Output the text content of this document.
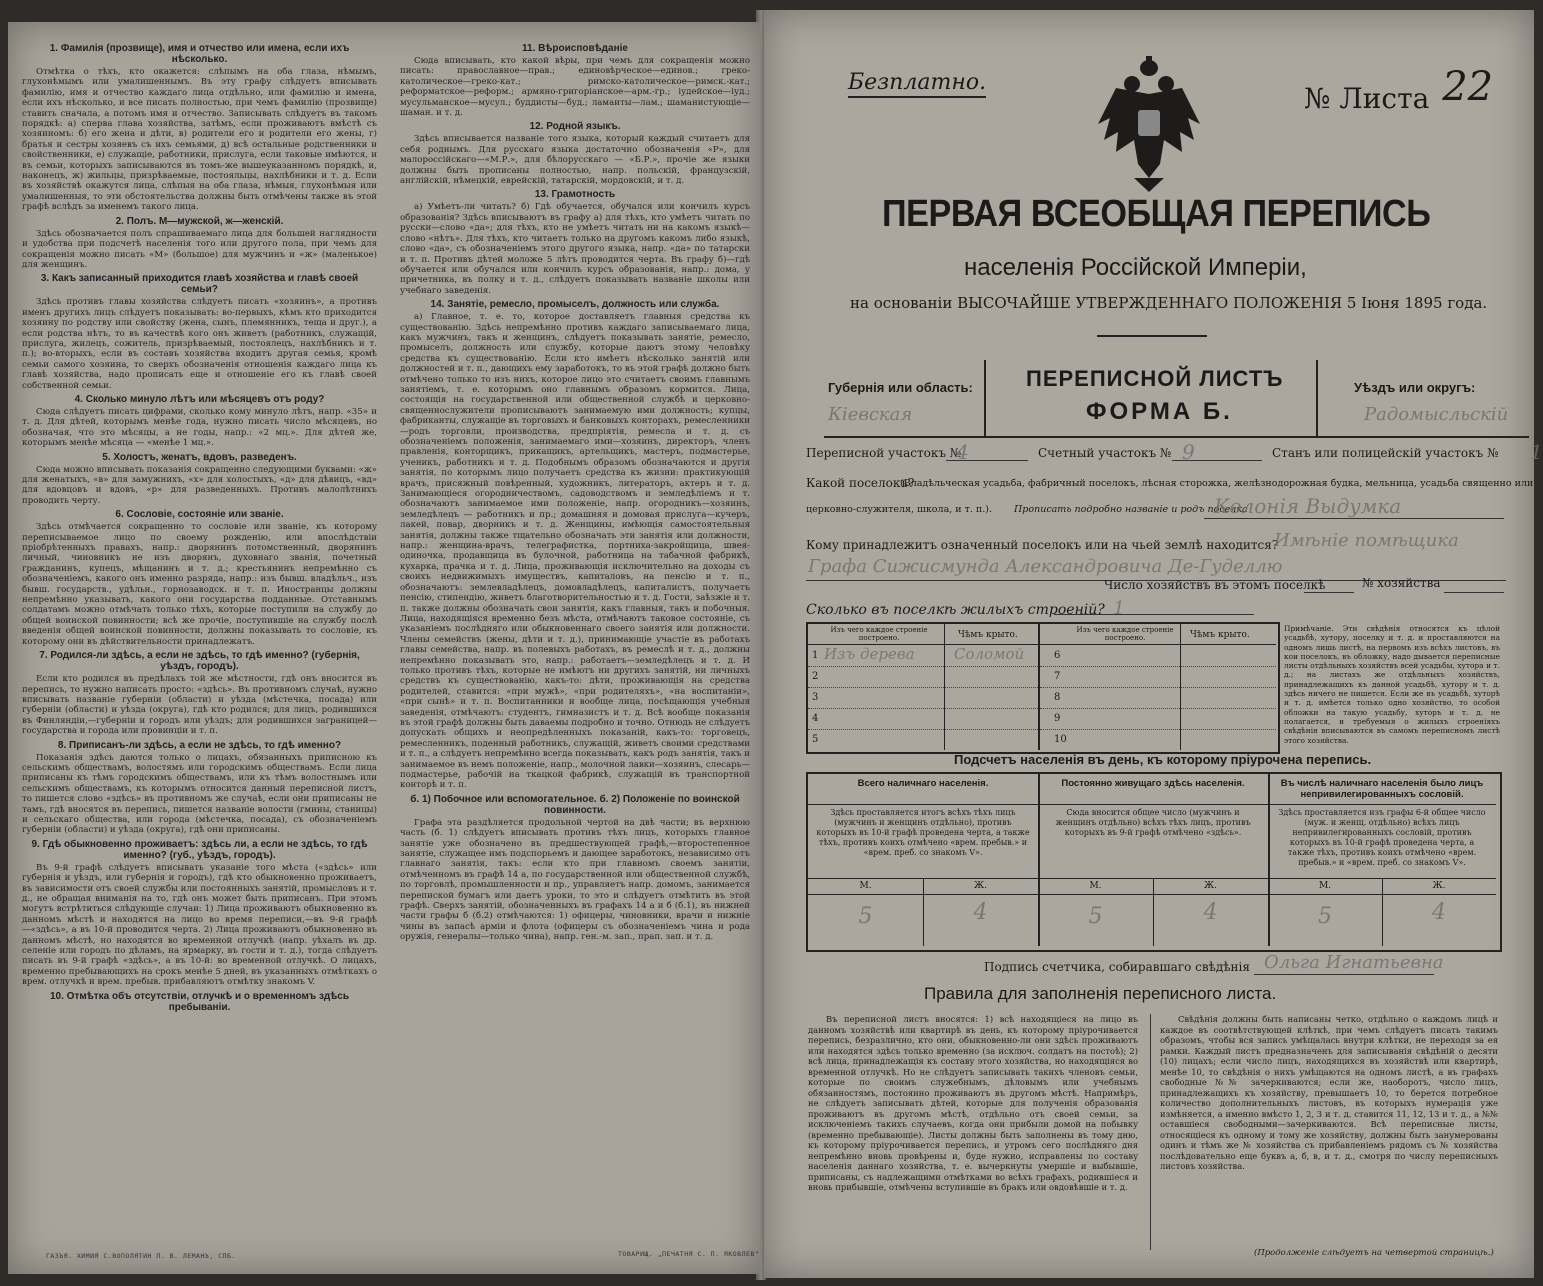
1. Фамилія (прозвище), имя и отчество или имена, если ихъ нѣсколько.

Отмѣтка о тѣхъ, кто окажется: слѣпымъ на оба глаза, нѣмымъ, глухонѣмымъ или умалишеннымъ. Въ эту графу слѣдуетъ вписывать фамилію, имя и отчество каждаго лица отдѣльно, или фамилію и имена, если ихъ нѣсколько, и все писать полностью, при чемъ фамилію (прозвище) ставить сначала, а потомъ имя и отчество. Записывать слѣдуетъ въ такомъ порядкѣ: а) сперва глава хозяйства, затѣмъ, если проживаютъ вмѣстѣ съ хозяиномъ: б) его жена и дѣти, в) родители его и родители его жены, г) братья и сестры хозяевъ съ ихъ семьями, д) всѣ остальные родственники и свойственники, е) служащіе, работники, прислуга, если таковые имѣются, и въ семьи, которыхъ записываются въ томъ-же вышеуказанномъ порядкѣ, и, наконецъ, ж) жильцы, призрѣваемые, постояльцы, нахлѣбники и т. д. Если въ хозяйствѣ окажутся лица, слѣпыя на оба глаза, нѣмыя, глухонѣмыя или умалишенныя, то эти обстоятельства должны быть отмѣчены также въ этой графѣ вслѣдъ за именемъ такого лица.

2. Полъ. М—мужской, ж—женскій.

Здѣсь обозначается полъ спрашиваемаго лица для большей наглядности и удобства при подсчетѣ населенія того или другого пола, при чемъ для сокращенія можно писать «М» (большое) для мужчинъ и «ж» (маленькое) для женщинъ.

3. Какъ записанный приходится главѣ хозяйства и главѣ своей семьи?

Здѣсь противъ главы хозяйства слѣдуетъ писать «хозяинъ», а противъ именъ другихъ лицъ слѣдуетъ показывать: во-первыхъ, кѣмъ кто приходится хозяину по родству или свойству (жена, сынъ, племянникъ, теща и друг.), а если родства нѣтъ, то въ качествѣ кого онъ живетъ (работникъ, служащій, прислуга, жилецъ, сожитель, призрѣваемый, постоялецъ, нахлѣбникъ и т. п.); во-вторыхъ, если въ составъ хозяйства входитъ другая семья, кромѣ семьи самого хозяина, то сверхъ обозначенія отношенія каждаго лица къ главѣ хозяйства, надо прописать еще и отношеніе его къ главѣ своей собственной семьи.

4. Сколько минуло лѣтъ или мѣсяцевъ отъ роду?

Сюда слѣдуетъ писать цифрами, сколько кому минуло лѣтъ, напр. «35» и т. д. Для дѣтей, которымъ менѣе года, нужно писать число мѣсяцевъ, но обозначая, что это мѣсяцы, а не годы, напр.: «2 мц.». Для дѣтей же, которымъ менѣе мѣсяца — «менѣе 1 мц.».

5. Холостъ, женатъ, вдовъ, разведенъ.

Сюда можно вписывать показанія сокращенно следующими буквами: «ж» для женатыхъ, «в» для замужнихъ, «х» для холостыхъ, «д» для дѣвицъ, «вд» для вдовцовъ и вдовъ, «р» для разведенныхъ. Противъ малолѣтнихъ проводить черту.

6. Сословіе, состояніе или званіе.

Здѣсь отмѣчается сокращенно то сословіе или званіе, къ которому переписываемое лицо по своему рожденію, или впослѣдствіи пріобрѣтенныхъ правахъ, напр.: дворянинъ потомственный, дворянинъ личный, чиновникъ не изъ дворянъ, духовнаго званія, почетный гражданинъ, купецъ, мѣщанинъ и т. д.; крестьянинъ непремѣнно съ обозначеніемъ, какого онъ именно разряда, напр.: изъ бывш. владѣльч., изъ бывш. государств., удѣльн., горнозаводск. и т. п. Иностранцы должны непремѣнно указывать, какого они государства подданные. Отставнымъ солдатамъ можно отмѣчать только тѣхъ, которые поступили на службу до общей воинской повинности; всѣ же прочіе, поступившіе на службу послѣ введенія общей воинской повинности, должны показывать то сословіе, къ которому они въ дѣйствительности принадлежатъ.

7. Родился-ли здѣсь, а если не здѣсь, то гдѣ именно? (губернія, уѣздъ, городъ).

Если кто родился въ предѣлахъ той же мѣстности, гдѣ онъ вносится въ перепись, то нужно написать просто: «здѣсь». Въ противномъ случаѣ, нужно вписывать названіе губерніи (области) и уѣзда (мѣстечка, посада) или губерніи (области) и уѣзда (округа), гдѣ кто родился; для лицъ, родившихся въ Финляндіи,—губерніи и городъ или уѣздъ; для родившихся заграницей—государства и города или провинціи и т. п.

8. Приписанъ-ли здѣсь, а если не здѣсь, то гдѣ именно?

Показанія здѣсь даются только о лицахъ, обязанныхъ приписною къ сельскимъ обществамъ, волостямъ или городскимъ обществамъ. Если лица приписаны къ тѣмъ городскимъ обществамъ, или къ тѣмъ волостнымъ или сельскимъ обществамъ, къ которымъ относится данный переписной листъ, то пишется слово «здѣсь» въ противномъ же случаѣ, если они приписаны не тамъ, гдѣ вносятся въ перепись, пишется названіе волости (гмины, станицы) и сельскаго общества, или города (мѣстечка, посада), съ обозначеніемъ губерніи (области) и уѣзда (округа), гдѣ они приписаны.

9. Гдѣ обыкновенно проживаетъ: здѣсь ли, а если не здѣсь, то гдѣ именно? (губ., уѣздъ, городъ).

Въ 9-й графѣ слѣдуетъ вписывать указаніе того мѣста («здѣсь» или губернія и уѣздъ, или губернія и городъ), гдѣ кто обыкновенно проживаетъ, въ зависимости отъ своей службы или постоянныхъ занятій, промысловъ и т. д., не обращая вниманія на то, гдѣ онъ может быть приписанъ. При этомъ могутъ встрѣтиться слѣдующіе случаи: 1) Лица проживаютъ обыкновенно въ данномъ мѣстѣ и находятся на лицо во время переписи,—въ 9-й графѣ—«здѣсь», а въ 10-й проводится черта. 2) Лица проживаютъ обыкновенно въ данномъ мѣстѣ, но находятся во временной отлучкѣ (напр. уѣхалъ въ др. селеніе или городъ по дѣламъ, на ярмарку, въ гости и т. д.), тогда слѣдуетъ писать въ 9-й графѣ «здѣсь», а въ 10-й: во временной отлучкѣ. О лицахъ, временно пребывающихъ на срокъ менѣе 5 дней, въ указанныхъ отмѣткахъ о врем. отлучкѣ и врем. пребыв. прибавляютъ отмѣтку знакомъ V.

10. Отмѣтка объ отсутствіи, отлучкѣ и о временномъ здѣсь пребываніи.
11. Вѣроисповѣданіе

Сюда вписывать, кто какой вѣры, при чемъ для сокращенія можно писать: православное—прав.; единовѣрческое—единов.; греко-католическое—греко-кат.; римско-католическое—римск.-кат.; реформатское—реформ.; армяно-григоріанское—арм.-гр.; іудейское—іуд.; мусульманское—мусул.; буддисты—буд.; ламаиты—лам.; шаманистующіе—шаман. и т. д.

12. Родной языкъ.

Здѣсь вписывается названіе того языка, который каждый считаетъ для себя роднымъ. Для русскаго языка достаточно обозначенія «Р», для малороссійскаго—«М.Р.», для бѣлорусскаго — «Б.Р.», прочіе же языки должны быть прописаны полностью, напр. польскій, французскій, англійскій, нѣмецкій, еврейскій, татарскій, мордовскій, и т. д.

13. Грамотность

а) Умѣетъ-ли читать? б) Гдѣ обучается, обучался или кончилъ курсъ образованія? Здѣсь вписываютъ въ графу а) для тѣхъ, кто умѣетъ читать по русски—слово «да»; для тѣхъ, кто не умѣетъ читать ни на какомъ языкѣ—слово «нѣтъ». Для тѣхъ, кто читаетъ только на другомъ какомъ либо языкѣ, слово «да», съ обозначеніемъ этого другого языка, напр. «да» по татарски и т. п. Противъ дѣтей моложе 5 лѣтъ проводится черта. Въ графу б)—гдѣ обучается или обучался или кончилъ курсъ образованія, напр.: дома, у причетника, въ полку и т. д., слѣдуетъ показывать названіе школы или учебнаго заведенія.

14. Занятіе, ремесло, промыселъ, должность или служба.

а) Главное, т. е. то, которое доставляетъ главныя средства къ существованію. Здѣсь непремѣнно противъ каждаго записываемаго лица, какъ мужчинъ, такъ и женщинъ, слѣдуетъ показывать занятіе, ремесло, промыселъ, должность или службу, которые даютъ этому человѣку средства къ существованію. Если кто имѣетъ нѣсколько занятій или должностей и т. п., дающихъ ему заработокъ, то въ этой графѣ должно быть отмѣчено только то изъ нихъ, которое лицо это считаетъ своимъ главнымъ занятіемъ, т. е. которымъ оно главнымъ образомъ кормится. Лица, состоящія на государственной или общественной службѣ и церковно-священнослужители прописываютъ занимаемую ими должность; купцы, фабриканты, служащіе въ торговыхъ и банковыхъ конторахъ, ремесленники—родъ торговли, производства, предпріятія, ремесла и т. д. съ обозначеніемъ положенія, занимаемаго ими—хозяинъ, директоръ, членъ правленія, конторщикъ, прикащикъ, артельщикъ, мастеръ, подмастерье, ученикъ, работникъ и т. д. Подобнымъ образомъ обозначаются и другія занятія, по которымъ лицо получаетъ средства къ жизни: практикующій врачъ, присяжный повѣренный, художникъ, литераторъ, актеръ и т. д. Занимающіеся огородничествомъ, садоводствомъ и земледѣліемъ и т. обозначаютъ занимаемое ими положеніе, напр. огородникъ—хозяинъ, земледѣлецъ — работникъ и пр.; домашняя и домовая прислуга—кучеръ, лакей, повар, дворникъ и т. д. Женщины, имѣющія самостоятельныя занятія, должны также тщательно обозначать эти занятія или должности, напр.: женщина-врачъ, телеграфистка, портниха-закройщица, швея-одиночка, продавщица въ булочной, работница на табачной фабрикѣ, кухарка, прачка и т. д. Лица, проживающія исключительно на доходы съ своихъ недвижимыхъ имуществъ, капиталовъ, на пенсію и т. п., обозначаютъ: землевладѣлецъ, домовладѣлецъ, капиталистъ, получаетъ пенсію, стипендію, живетъ благотворительностью и т. д. Гости, заѣзжіе и т. п. также должны обозначать свои занятія, какъ главныя, такъ и побочныя. Лица, находящіяся временно безъ мѣста, отмѣчаютъ таковое состояніе, съ указаніемъ послѣдняго или обыкновеннаго своего занятія или должности. Члены семействъ (жены, дѣти и т. д.), принимающіе участіе въ работахъ главы семейства, напр. въ полевыхъ работахъ, въ ремеслѣ и т. д., должны непремѣнно показывать это, напр.: работаетъ—земледѣлецъ и т. д. И только противъ тѣхъ, которые не имѣютъ ни другихъ занятій, ни личныхъ средствъ къ существованію, какъ-то: дѣти, проживающія на средства родителей, ставится: «при мужѣ», «при родителяхъ», «на воспитаніи», «при сынѣ» и т. п. Воспитанники и вообще лица, посѣщающія учебныя заведенія, отмѣчаютъ: студентъ, гимназистъ и т. д. Всѣ вообще показанія въ этой графѣ должны быть даваемы подробно и точно. Отнюдь не слѣдуетъ допускать общихъ и неопредѣленныхъ показаній, какъ-то: торговецъ, ремесленникъ, поденный работникъ, служащій, живетъ своими средствами и т. п., а слѣдуетъ непремѣнно всегда показывать, какъ родъ занятія, такъ и занимаемое въ немъ положеніе, напр., молочной лавки—хозяинъ, слесарь—подмастерье, рабочій на ткацкой фабрикѣ, служащій въ транспортной конторѣ и т. п.

б. 1) Побочное или вспомогательное. б. 2) Положеніе по воинской повинности.

Графа эта раздѣляется продольной чертой на двѣ части; въ верхнюю часть (б. 1) слѣдуетъ вписывать противъ тѣхъ лицъ, которыхъ главное занятіе уже обозначено въ предшествующей графѣ,—второстепенное занятіе, служащее имъ подспорьемъ и дающее заработокъ, независимо отъ главнаго занятія, такъ: если кто при главномъ своемъ занятіи, отмѣченномъ въ графѣ 14 а, по государственной или общественной службѣ, по торговлѣ, промышленности и пр., управляетъ напр. домомъ, занимается перепиской бумагъ или даетъ уроки, то это и слѣдуетъ отмѣтить въ этой графѣ. Сверхъ занятій, обозначенныхъ въ графахъ 14 а и б (б.1), въ нижней части графы б (б.2) отмѣчаются: 1) офицеры, чиновники, врачи и нижніе чины въ запасѣ арміи и флота (офицеры съ обозначеніемъ чина и рода оружія, генералы—только чина), напр. ген.-м. зап., прап. зап. и т. д.

ГАЗЪЯ. ХИМИЯ С.ВОПОЛЯТИН П. В. ЛЕМАНЪ, СПБ.	ТОВАРИЩ. „ПЕЧАТНЯ С. П. ЯКОВЛЕВ"
Безплатно.	№ Листа 22
ПЕРВАЯ ВСЕОБЩАЯ ПЕРЕПИСЬ
населенія Россійской Имперіи,
на основаніи ВЫСОЧАЙШЕ УТВЕРЖДЕННАГО ПОЛОЖЕНІЯ 5 Іюня 1895 года.
Губернія или область:
Кіевская
ПЕРЕПИСНОЙ ЛИСТЪ
ФОРМА Б.
Уѣздъ или округъ:
Радомысльскій
Переписной участокъ №
4	Счетный участокъ № 9	Станъ или полицейскій участокъ № 1
Какой поселокъ?
(Владѣльческая усадьба, фабричный поселокъ, лѣсная сторожка, желѣзнодорожная будка, мельница, усадьба священно или
церковно-служителя, школа, и т. п.). Прописать подробно названіе и родъ поселка
Колонія Выдумка
Кому принадлежитъ означенный поселокъ или на чьей землѣ находится?
Имѣніе помѣщика
Графа Сижисмунда Александровича Де-Гуделлю
Число хозяйствъ въ этомъ поселкѣ	№ хозяйства
Сколько въ поселкѣ жилыхъ строеній? 1
Изъ чего каждое строеніе построено.	Чѣмъ крыто.
1 Изъ дерева	Соломой
2
3
4
5
Изъ чего каждое строеніе построено.	Чѣмъ крыто.
6
7
8
9
10
Примѣчаніе. Эти свѣдѣнія относятся къ цѣлой усадьбѣ, хутору, поселку и т. д. и проставляются на одномъ лишь листѣ, на первомъ изъ всѣхъ листовъ, въ кои поселокъ, въ обложку, надо дывается переписные листы отдѣльныхъ хозяйствъ всей усадьбы, хутора и т. д.; на листахъ же отдѣльныхъ хозяйствъ, принадлежащихъ къ данной усадьбѣ, хутору и т. д. здѣсь ничего не пишется. Если же въ усадьбѣ, хуторѣ и т. д. имѣется только одно хозяйство, то особой обложки на такую усадьбу, хуторъ и т. д. не полагается, и требуемыя о жилыхъ строеніяхъ свѣдѣнія вписываются въ самомъ переписномъ листѣ этого хозяйства.
Подсчетъ населенія въ день, къ которому пріурочена перепись.
Всего наличнаго населенія.
Здѣсь проставляется итогъ всѣхъ тѣхъ лицъ (мужчинъ и женщинъ отдѣльно), противъ которыхъ въ 10-й графѣ проведена черта, а также тѣхъ, противъ коихъ отмѣчено «врем. пребыв.» и «врем. преб. со знакомъ V».
М.	Ж.
5	4
Постоянно живущаго здѣсь населенія.
Сюда вносится общее число (мужчинъ и женщинъ отдѣльно) всѣхъ тѣхъ лицъ, противъ которыхъ въ 9-й графѣ отмѣчено «здѣсь».
М.	Ж.
5	4
Въ числѣ наличнаго населенія было лицъ непривилегированныхъ сословій.
Здѣсь проставляется изъ графы 6-й общее число (муж. и женщ. отдѣльно) всѣхъ лицъ непривилегированныхъ сословій, противъ которыхъ въ 10-й графѣ проведена черта, а также тѣхъ, противъ коихъ отмѣчено «врем. пребыв.» и «врем. преб. со знакомъ V».
М.	Ж.
5	4
Подпись счетчика, собиравшаго свѣдѣнія Ольга Игнатьевна
Правила для заполненія переписного листа.
Въ переписной листъ вносятся: 1) всѣ находящіеся на лицо въ данномъ хозяйствѣ или квартирѣ въ день, къ которому пріурочивается перепись, безразлично, кто они, обыкновенно-ли они здѣсь проживаютъ или находятся здѣсь только временно (за исключ. солдатъ на постоѣ); 2) всѣ лица, принадлежащія къ составу этого хозяйства, но находящіяся во временной отлучкѣ. Но не слѣдуетъ записывать такихъ членовъ семьи, которые по своимъ служебнымъ, дѣловымъ или учебнымъ обязанностямъ, постоянно проживаютъ въ другомъ мѣстѣ. Напримѣръ, не слѣдуетъ записывать дѣтей, которые для полученія образованія проживаютъ въ другомъ мѣстѣ, отдѣльно отъ своей семьи, за исключеніемъ такихъ случаевъ, когда они прибыли домой на побывку (временно пребывающіе). Листы должны быть заполнены въ тому дню, къ которому пріурочивается перепись, и утромъ сего послѣдняго дня непремѣнно вновь провѣрены и, буде нужно, исправлены по составу населенія даннаго хозяйства, т. е. вычеркнуты умершіе и выбывшіе, приписаны, съ надлежащими отмѣтками во всѣхъ графахъ, родившіеся и вновь прибывшіе, отмѣчены вступившіе въ бракъ или овдовѣвшіе и т. д.
Свѣдѣнія должны быть написаны четко, отдѣльно о каждомъ лицѣ и каждое въ соотвѣтствующей клѣткѣ, при чемъ слѣдуетъ писать такимъ образомъ, чтобы вся запись умѣщалась внутри клѣтки, не переходя за ея рамки. Каждый листъ предназначенъ для записыванія свѣдѣній о десяти (10) лицахъ; если число лицъ, находящихся въ хозяйствѣ или квартирѣ, менѣе 10, то свѣдѣнія о нихъ умѣщаются на одномъ листѣ, а въ графахъ свободные №№ зачеркиваются; если же, наоборотъ, число лицъ, принадлежащихъ къ хозяйству, превышаетъ 10, то берется потребное количество дополнительныхъ листовъ, въ которыхъ нумерація уже измѣняется, а именно вмѣсто 1, 2, 3 и т. д. ставится 11, 12, 13 и т. д., а №№ оставшіеся свободными—зачеркиваются. Всѣ переписные листы, относящіеся къ одному и тому же хозяйству, должны быть занумерованы одинъ и тѣмъ же № хозяйства съ прибавленіемъ рядомъ съ № хозяйства послѣдовательно еще буквъ а, б, в, и т. д., смотря по числу переписныхъ листовъ хозяйства.
(Продолженіе слѣдуетъ на четвертой страницѣ.)
